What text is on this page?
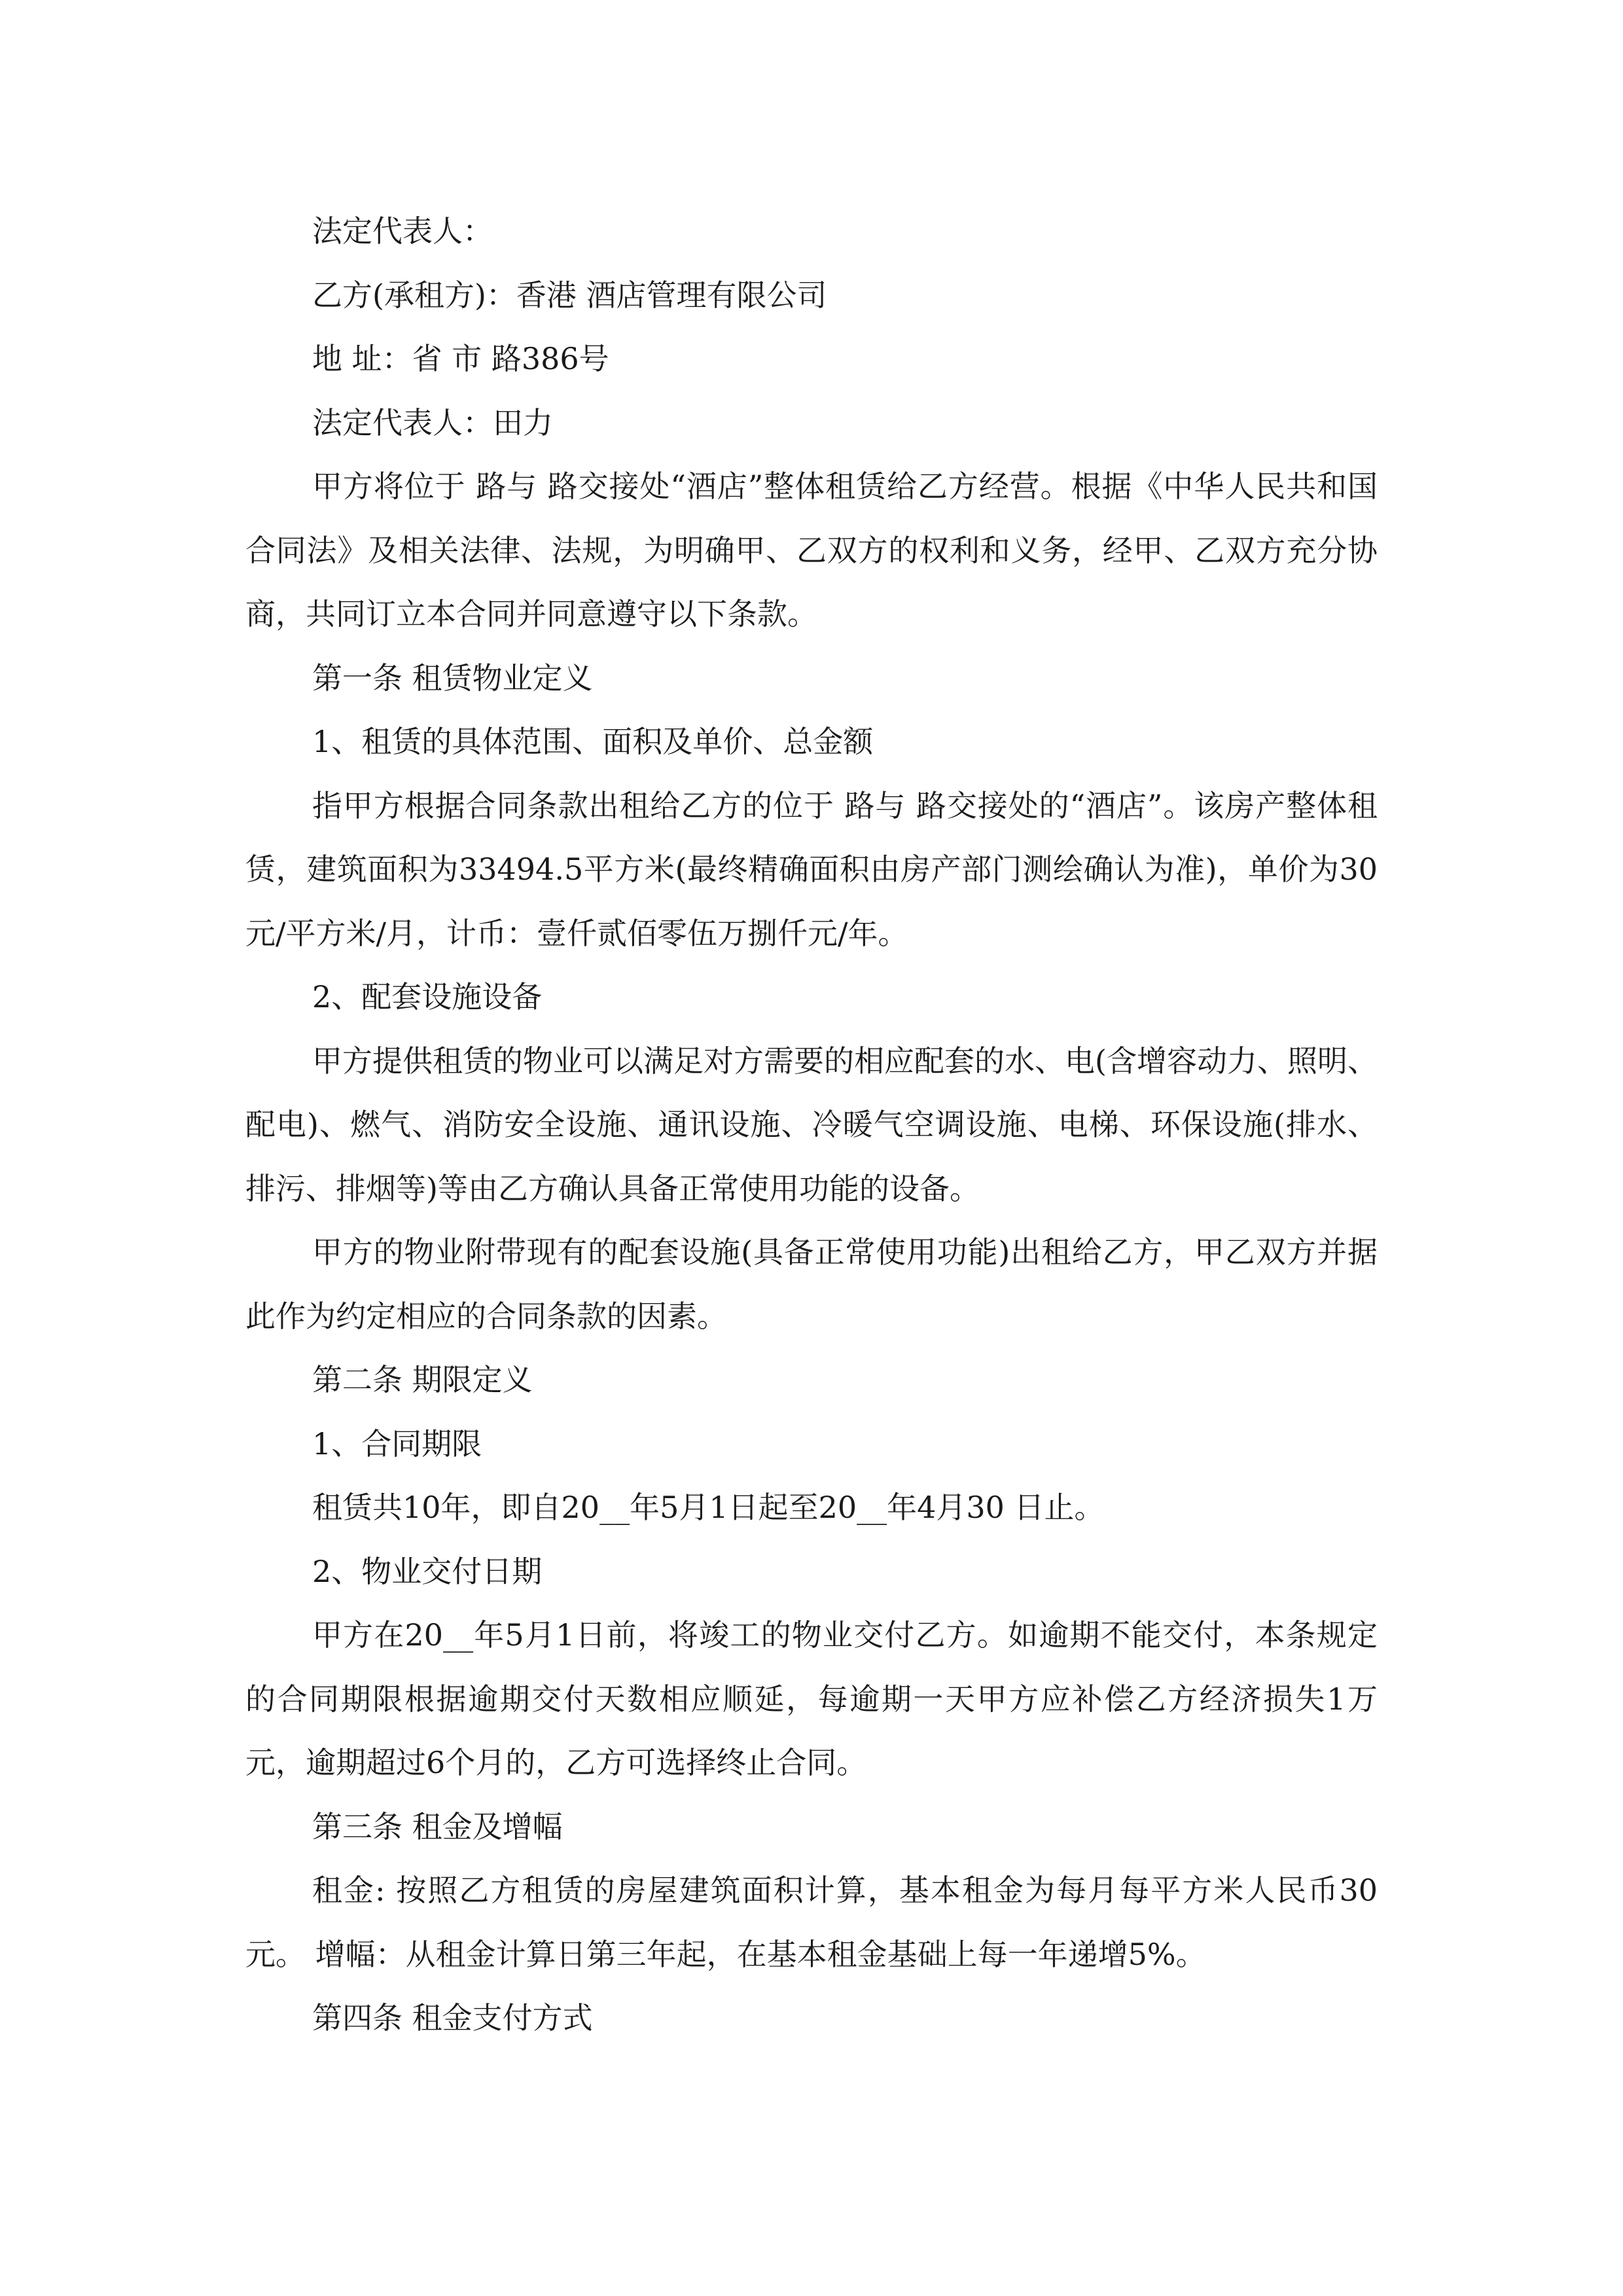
法定代表人：

乙方(承租方)：香港 酒店管理有限公司

地 址：省 市 路386号

法定代表人：田力

甲方将位于 路与 路交接处“酒店”整体租赁给乙方经营。根据《中华人民共和国合同法》及相关法律、法规，为明确甲、乙双方的权利和义务，经甲、乙双方充分协商，共同订立本合同并同意遵守以下条款。

第一条 租赁物业定义

1、租赁的具体范围、面积及单价、总金额

指甲方根据合同条款出租给乙方的位于 路与 路交接处的“酒店”。该房产整体租赁，建筑面积为33494.5平方米(最终精确面积由房产部门测绘确认为准)，单价为30元/平方米/月，计币：壹仟贰佰零伍万捌仟元/年。

2、配套设施设备

甲方提供租赁的物业可以满足对方需要的相应配套的水、电(含增容动力、照明、配电)、燃气、消防安全设施、通讯设施、冷暖气空调设施、电梯、环保设施(排水、排污、排烟等)等由乙方确认具备正常使用功能的设备。

甲方的物业附带现有的配套设施(具备正常使用功能)出租给乙方，甲乙双方并据此作为约定相应的合同条款的因素。

第二条 期限定义

1、合同期限

租赁共10年，即自20__年5月1日起至20__年4月30 日止。

2、物业交付日期

甲方在20__年5月1日前，将竣工的物业交付乙方。如逾期不能交付，本条规定的合同期限根据逾期交付天数相应顺延，每逾期一天甲方应补偿乙方经济损失1万元，逾期超过6个月的，乙方可选择终止合同。

第三条 租金及增幅

租金: 按照乙方租赁的房屋建筑面积计算，基本租金为每月每平方米人民币30元。 增幅：从租金计算日第三年起，在基本租金基础上每一年递增5%。

第四条 租金支付方式
